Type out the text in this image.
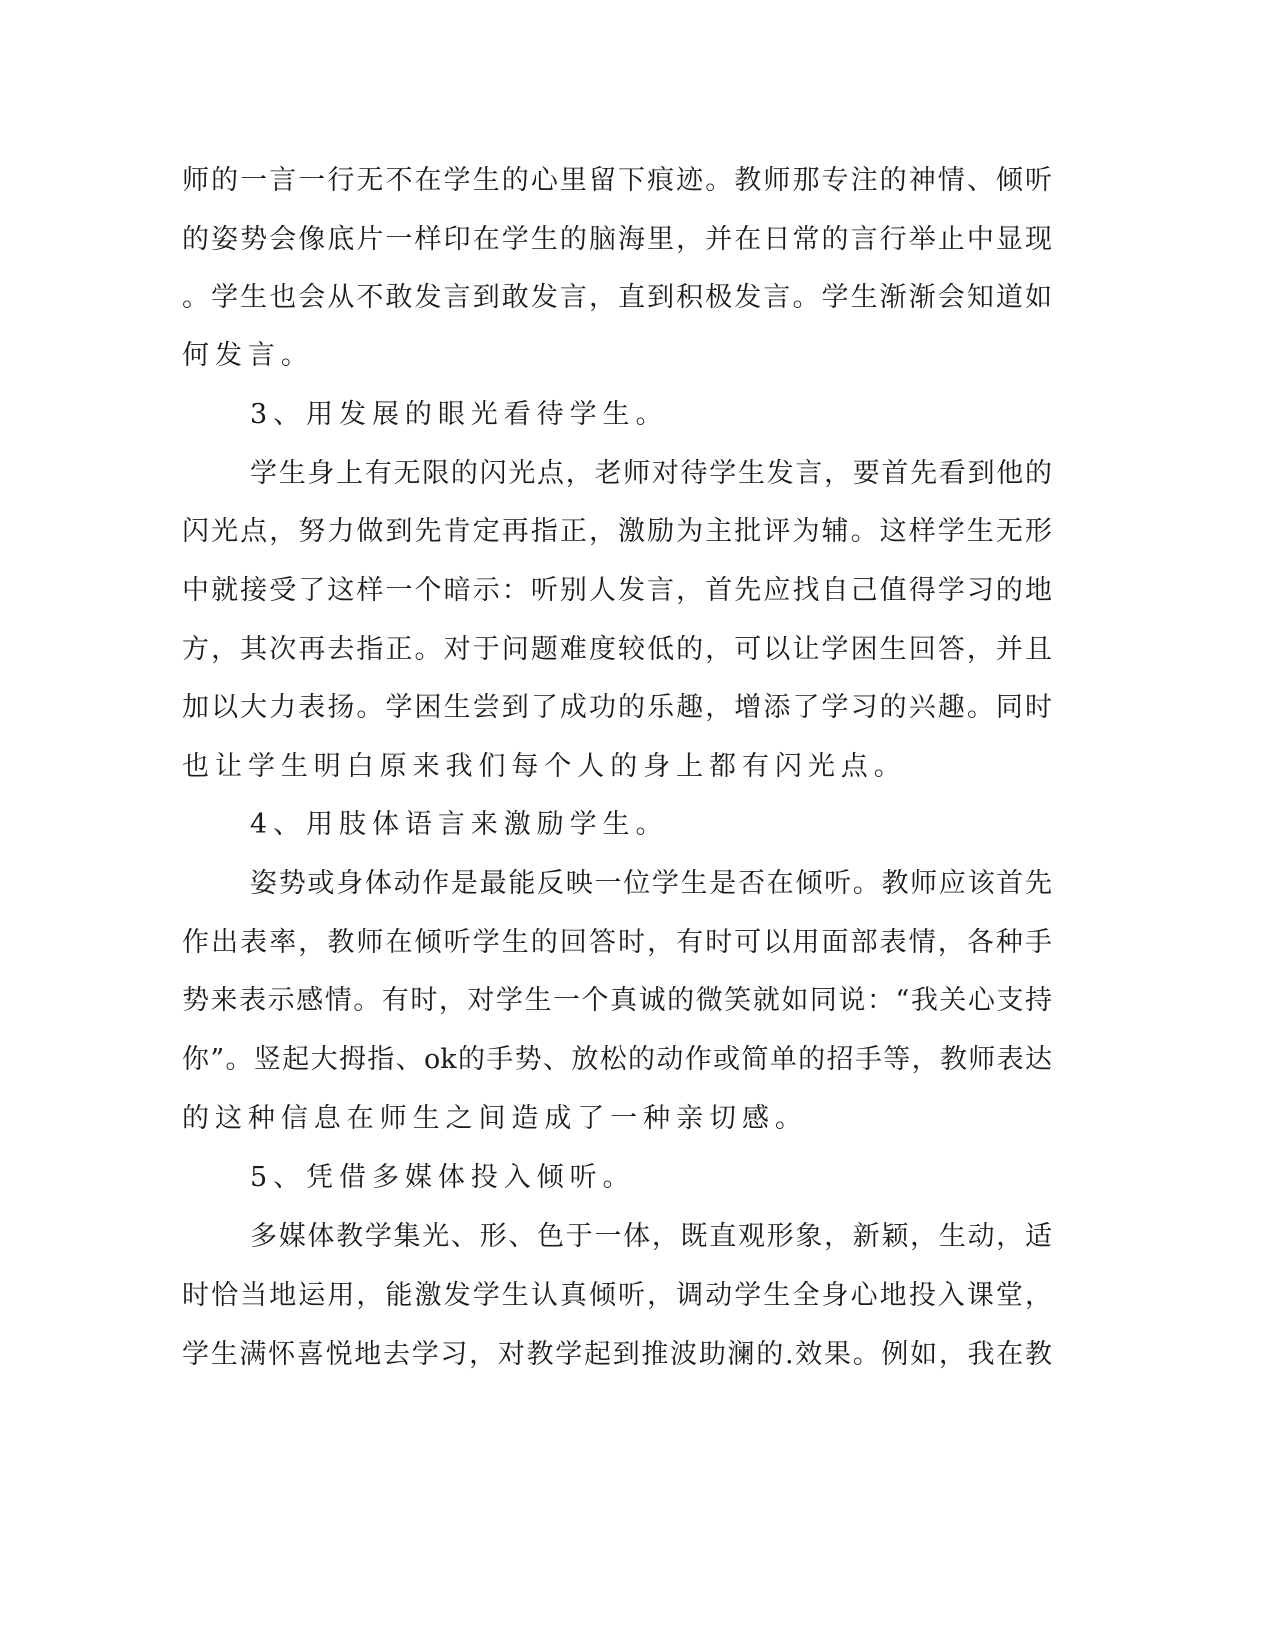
师的一言一行无不在学生的心里留下痕迹。教师那专注的神情、倾听
的姿势会像底片一样印在学生的脑海里，并在日常的言行举止中显现
。学生也会从不敢发言到敢发言，直到积极发言。学生渐渐会知道如
何发言。
3、用发展的眼光看待学生。
学生身上有无限的闪光点，老师对待学生发言，要首先看到他的
闪光点，努力做到先肯定再指正，激励为主批评为辅。这样学生无形
中就接受了这样一个暗示：听别人发言，首先应找自己值得学习的地
方，其次再去指正。对于问题难度较低的，可以让学困生回答，并且
加以大力表扬。学困生尝到了成功的乐趣，增添了学习的兴趣。同时
也让学生明白原来我们每个人的身上都有闪光点。
4、用肢体语言来激励学生。
姿势或身体动作是最能反映一位学生是否在倾听。教师应该首先
作出表率，教师在倾听学生的回答时，有时可以用面部表情，各种手
势来表示感情。有时，对学生一个真诚的微笑就如同说：“我关心支持
你”。竖起大拇指、ok的手势、放松的动作或简单的招手等，教师表达
的这种信息在师生之间造成了一种亲切感。
5、凭借多媒体投入倾听。
多媒体教学集光、形、色于一体，既直观形象，新颖，生动，适
时恰当地运用，能激发学生认真倾听，调动学生全身心地投入课堂，
学生满怀喜悦地去学习，对教学起到推波助澜的.效果。例如，我在教
